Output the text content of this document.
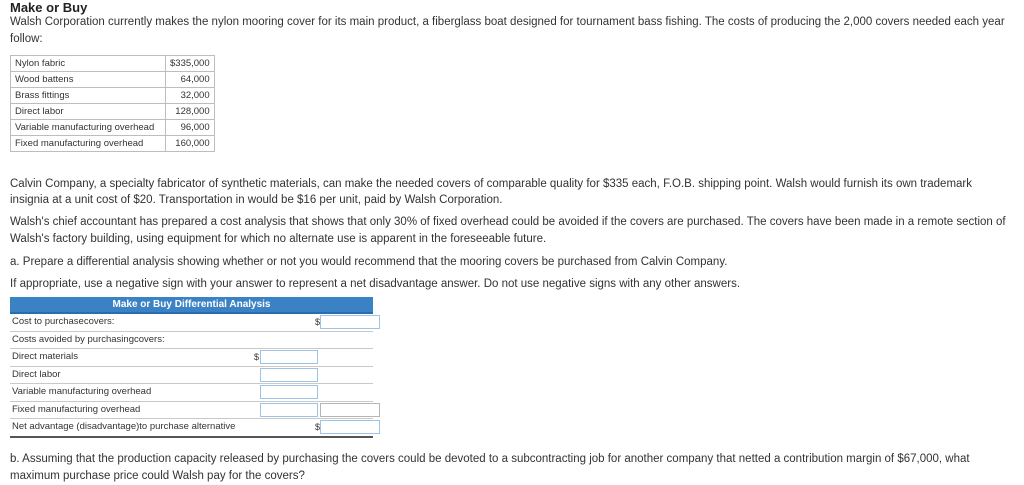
Make or Buy
Walsh Corporation currently makes the nylon mooring cover for its main product, a fiberglass boat designed for tournament bass fishing. The costs of producing the 2,000 covers needed each year follow:
Nylon fabric	$335,000
Wood battens	64,000
Brass fittings	32,000
Direct labor	128,000
Variable manufacturing overhead	96,000
Fixed manufacturing overhead	160,000
Calvin Company, a specialty fabricator of synthetic materials, can make the needed covers of comparable quality for $335 each, F.O.B. shipping point. Walsh would furnish its own trademark
insignia at a unit cost of $20. Transportation in would be $16 per unit, paid by Walsh Corporation.
Walsh's chief accountant has prepared a cost analysis that shows that only 30% of fixed overhead could be avoided if the covers are purchased. The covers have been made in a remote section of
Walsh's factory building, using equipment for which no alternate use is apparent in the foreseeable future.
a. Prepare a differential analysis showing whether or not you would recommend that the mooring covers be purchased from Calvin Company.
If appropriate, use a negative sign with your answer to represent a net disadvantage answer. Do not use negative signs with any other answers.
Make or Buy Differential Analysis
Cost to purchasecovers:	$
Costs avoided by purchasingcovers:
Direct materials	$
Direct labor
Variable manufacturing overhead
Fixed manufacturing overhead
Net advantage (disadvantage)to purchase alternative	$
b. Assuming that the production capacity released by purchasing the covers could be devoted to a subcontracting job for another company that netted a contribution margin of $67,000, what maximum purchase price could Walsh pay for the covers?
